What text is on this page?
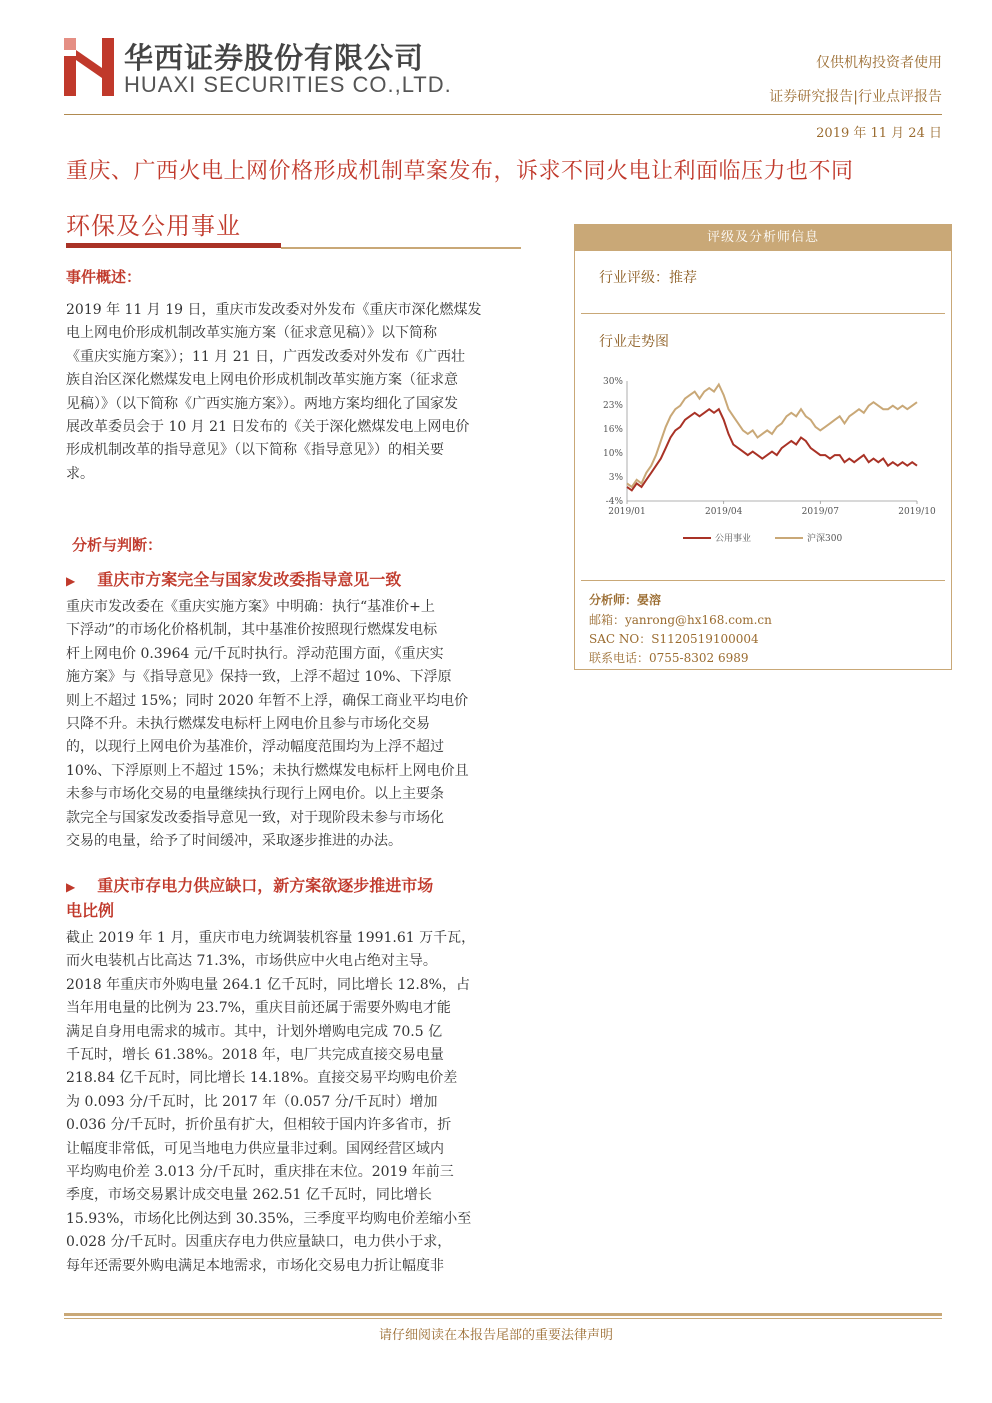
华西证券股份有限公司
HUAXI SECURITIES CO.,LTD.
仅供机构投资者使用
证券研究报告|行业点评报告
2019 年 11 月 24 日
重庆、广西火电上网价格形成机制草案发布，诉求不同火电让利面临压力也不同
环保及公用事业
事件概述：
2019 年 11 月 19 日，重庆市发改委对外发布《重庆市深化燃煤发
电上网电价形成机制改革实施方案（征求意见稿）》以下简称
《重庆实施方案》）；11 月 21 日，广西发改委对外发布《广西壮
族自治区深化燃煤发电上网电价形成机制改革实施方案（征求意
见稿）》（以下简称《广西实施方案》）。两地方案均细化了国家发
展改革委员会于 10 月 21 日发布的《关于深化燃煤发电上网电价
形成机制改革的指导意见》（以下简称《指导意见》）的相关要
求。
分析与判断：
▶ 重庆市方案完全与国家发改委指导意见一致
重庆市发改委在《重庆实施方案》中明确：执行“基准价+上
下浮动”的市场化价格机制，其中基准价按照现行燃煤发电标
杆上网电价 0.3964 元/千瓦时执行。浮动范围方面，《重庆实
施方案》与《指导意见》保持一致，上浮不超过 10%、下浮原
则上不超过 15%；同时 2020 年暂不上浮，确保工商业平均电价
只降不升。未执行燃煤发电标杆上网电价且参与市场化交易
的，以现行上网电价为基准价，浮动幅度范围均为上浮不超过
10%、下浮原则上不超过 15%；未执行燃煤发电标杆上网电价且
未参与市场化交易的电量继续执行现行上网电价。以上主要条
款完全与国家发改委指导意见一致，对于现阶段未参与市场化
交易的电量，给予了时间缓冲，采取逐步推进的办法。
▶ 重庆市存电力供应缺口，新方案欲逐步推进市场
电比例
截止 2019 年 1 月，重庆市电力统调装机容量 1991.61 万千瓦，
而火电装机占比高达 71.3%，市场供应中火电占绝对主导。
2018 年重庆市外购电量 264.1 亿千瓦时，同比增长 12.8%，占
当年用电量的比例为 23.7%，重庆目前还属于需要外购电才能
满足自身用电需求的城市。其中，计划外增购电完成 70.5 亿
千瓦时，增长 61.38%。2018 年，电厂共完成直接交易电量
218.84 亿千瓦时，同比增长 14.18%。直接交易平均购电价差
为 0.093 分/千瓦时，比 2017 年（0.057 分/千瓦时）增加
0.036 分/千瓦时，折价虽有扩大，但相较于国内许多省市，折
让幅度非常低，可见当地电力供应量非过剩。国网经营区域内
平均购电价差 3.013 分/千瓦时，重庆排在末位。2019 年前三
季度，市场交易累计成交电量 262.51 亿千瓦时，同比增长
15.93%，市场化比例达到 30.35%，三季度平均购电价差缩小至
0.028 分/千瓦时。因重庆存电力供应量缺口，电力供小于求，
每年还需要外购电满足本地需求，市场化交易电力折让幅度非
评级及分析师信息
行业评级：推荐
行业走势图
30%
23%
16%
10%
3%
-4%
2019/01	2019/04	2019/07	2019/10
公用事业	沪深300
分析师：晏溶
邮箱：yanrong@hx168.com.cn
SAC NO：S1120519100004
联系电话：0755-8302 6989
请仔细阅读在本报告尾部的重要法律声明
